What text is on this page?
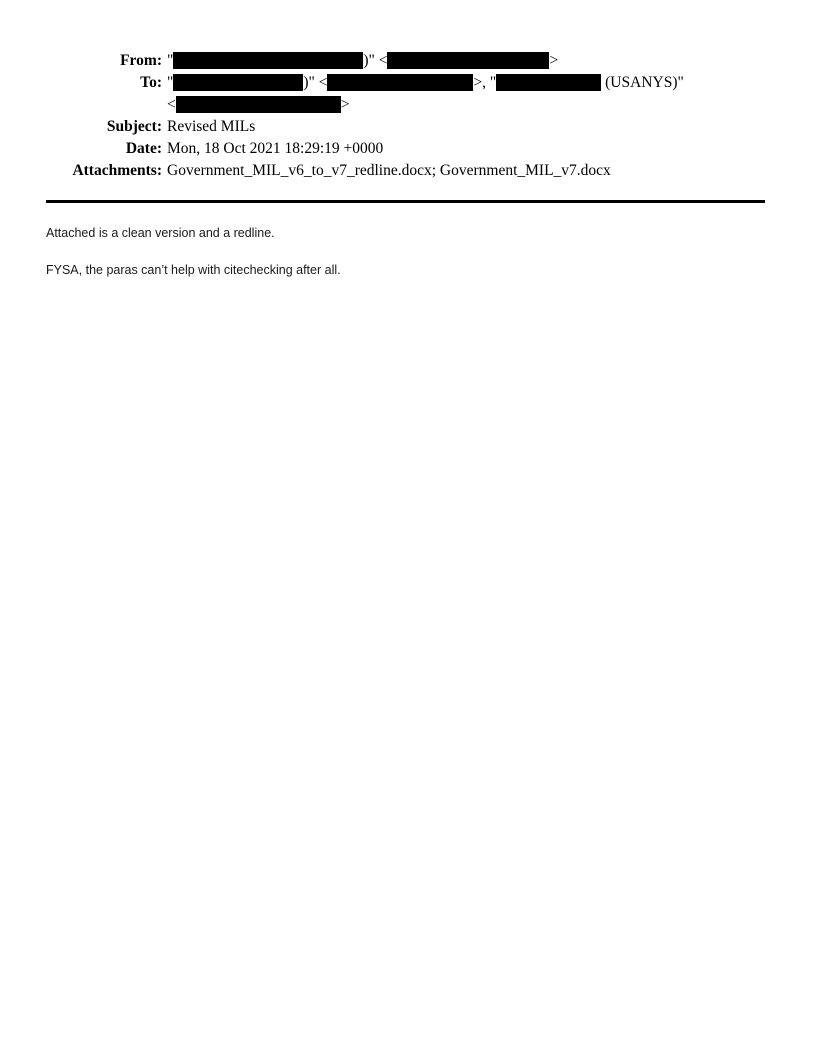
From: "	)" <	>
To: "	)" <	>, "	(USANYS)"
<	>
Subject: Revised MILs
Date: Mon, 18 Oct 2021 18:29:19 +0000
Attachments: Government_MIL_v6_to_v7_redline.docx; Government_MIL_v7.docx

Attached is a clean version and a redline.

FYSA, the paras can’t help with citechecking after all.
